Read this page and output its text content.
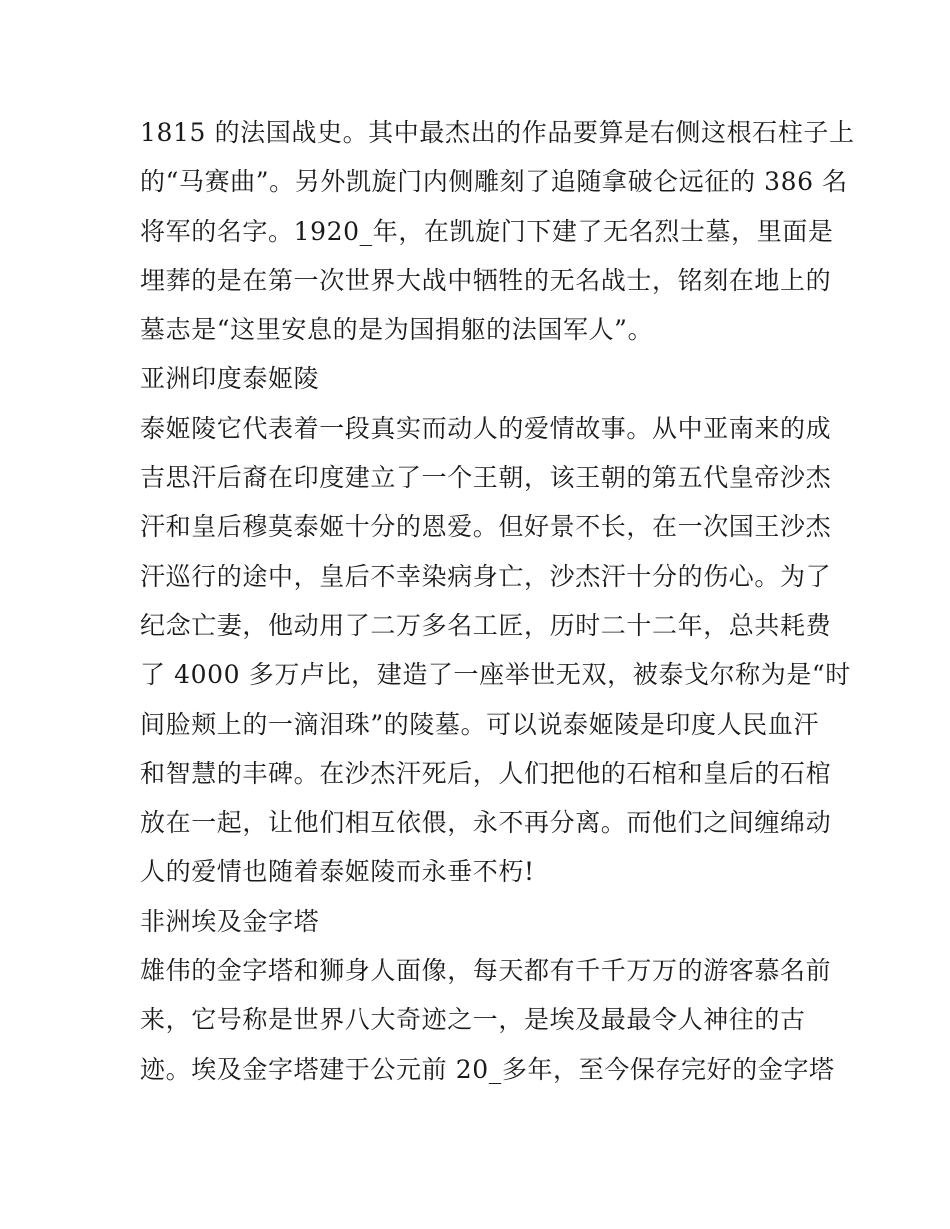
1815 的法国战史。其中最杰出的作品要算是右侧这根石柱子上
的“马赛曲”。另外凯旋门内侧雕刻了追随拿破仑远征的 386 名
将军的名字。1920_年，在凯旋门下建了无名烈士墓，里面是
埋葬的是在第一次世界大战中牺牲的无名战士，铭刻在地上的
墓志是“这里安息的是为国捐躯的法国军人”。
亚洲印度泰姬陵
泰姬陵它代表着一段真实而动人的爱情故事。从中亚南来的成
吉思汗后裔在印度建立了一个王朝，该王朝的第五代皇帝沙杰
汗和皇后穆莫泰姬十分的恩爱。但好景不长，在一次国王沙杰
汗巡行的途中，皇后不幸染病身亡，沙杰汗十分的伤心。为了
纪念亡妻，他动用了二万多名工匠，历时二十二年，总共耗费
了 4000 多万卢比，建造了一座举世无双，被泰戈尔称为是“时
间脸颊上的一滴泪珠”的陵墓。可以说泰姬陵是印度人民血汗
和智慧的丰碑。在沙杰汗死后，人们把他的石棺和皇后的石棺
放在一起，让他们相互依偎，永不再分离。而他们之间缠绵动
人的爱情也随着泰姬陵而永垂不朽!
非洲埃及金字塔
雄伟的金字塔和狮身人面像，每天都有千千万万的游客慕名前
来，它号称是世界八大奇迹之一，是埃及最最令人神往的古
迹。埃及金字塔建于公元前 20_多年，至今保存完好的金字塔
